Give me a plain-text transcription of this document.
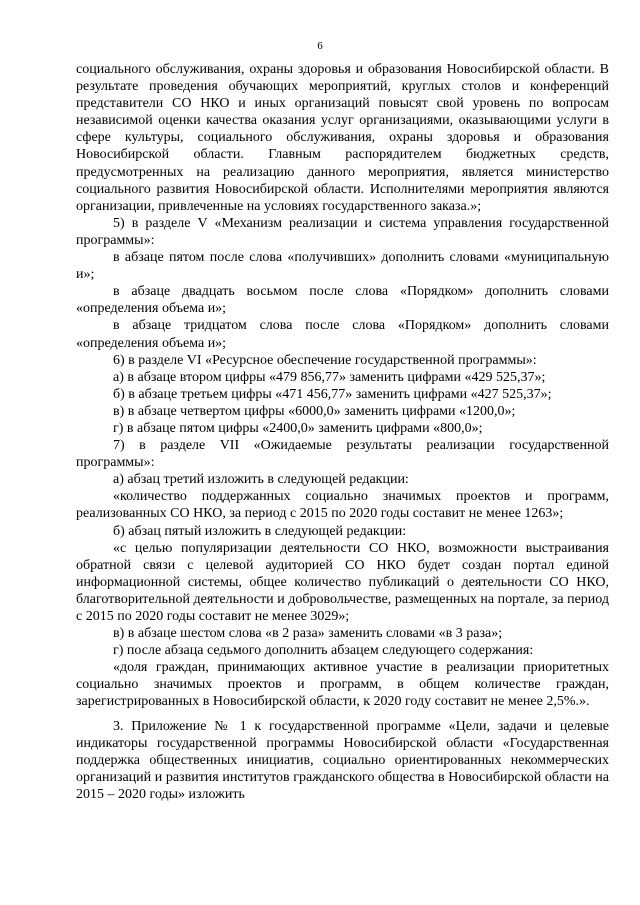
6

социального обслуживания, охраны здоровья и образования Новосибирской области. В результате проведения обучающих мероприятий, круглых столов и конференций представители СО НКО и иных организаций повысят свой уровень по вопросам независимой оценки качества оказания услуг организациями, оказывающими услуги в сфере культуры, социального обслуживания, охраны здоровья и образования Новосибирской области. Главным распорядителем бюджетных средств, предусмотренных на реализацию данного мероприятия, является министерство социального развития Новосибирской области. Исполнителями мероприятия являются организации, привлеченные на условиях государственного заказа.»;

5) в разделе V «Механизм реализации и система управления государственной программы»:

в абзаце пятом после слова «получивших» дополнить словами «муниципальную и»;

в абзаце двадцать восьмом после слова «Порядком» дополнить словами «определения объема и»;

в абзаце тридцатом слова после слова «Порядком» дополнить словами «определения объема и»;

6) в разделе VI «Ресурсное обеспечение государственной программы»:

а) в абзаце втором цифры «479 856,77» заменить цифрами «429 525,37»;

б) в абзаце третьем цифры «471 456,77» заменить цифрами «427 525,37»;

в) в абзаце четвертом цифры «6000,0» заменить цифрами «1200,0»;

г) в абзаце пятом цифры «2400,0» заменить цифрами «800,0»;

7) в разделе VII «Ожидаемые результаты реализации государственной программы»:

а) абзац третий изложить в следующей редакции:

«количество поддержанных социально значимых проектов и программ, реализованных СО НКО, за период с 2015 по 2020 годы составит не менее 1263»;

б) абзац пятый изложить в следующей редакции:

«с целью популяризации деятельности СО НКО, возможности выстраивания обратной связи с целевой аудиторией СО НКО будет создан портал единой информационной системы, общее количество публикаций о деятельности СО НКО, благотворительной деятельности и добровольчестве, размещенных на портале, за период с 2015 по 2020 годы составит не менее 3029»;

в) в абзаце шестом слова «в 2 раза» заменить словами «в 3 раза»;

г) после абзаца седьмого дополнить абзацем следующего содержания:

«доля граждан, принимающих активное участие в реализации приоритетных социально значимых проектов и программ, в общем количестве граждан, зарегистрированных в Новосибирской области, к 2020 году составит не менее 2,5%.».

3. Приложение № 1 к государственной программе «Цели, задачи и целевые индикаторы государственной программы Новосибирской области «Государственная поддержка общественных инициатив, социально ориентированных некоммерческих организаций и развития институтов гражданского общества в Новосибирской области на 2015 – 2020 годы» изложить
